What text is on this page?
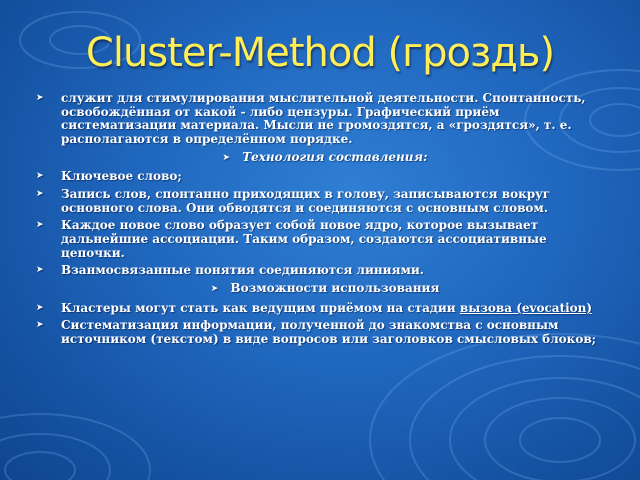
Cluster-Method (гроздь)
➤ служит для стимулирования мыслительной деятельности. Спонтанность, освобождённая от какой - либо цензуры. Графический приём систематизации материала. Мысли не громоздятся, а «гроздятся», т. е. располагаются в определённом порядке.
➤ Технология составления:
➤ Ключевое слово;
➤ Запись слов, спонтанно приходящих в голову, записываются вокруг основного слова. Они обводятся и соединяются с основным словом.
➤ Каждое новое слово образует собой новое ядро, которое вызывает дальнейшие ассоциации. Таким образом, создаются ассоциативные цепочки.
➤ Взанмосвязанные понятия соединяются линиями.
➤ Возможности использования
➤ Кластеры могут стать как ведущим приёмом на стадии вызова (evocation)
➤ Систематизация информации, полученной до знакомства с основным источником (текстом) в виде вопросов или заголовков смысловых блоков;
